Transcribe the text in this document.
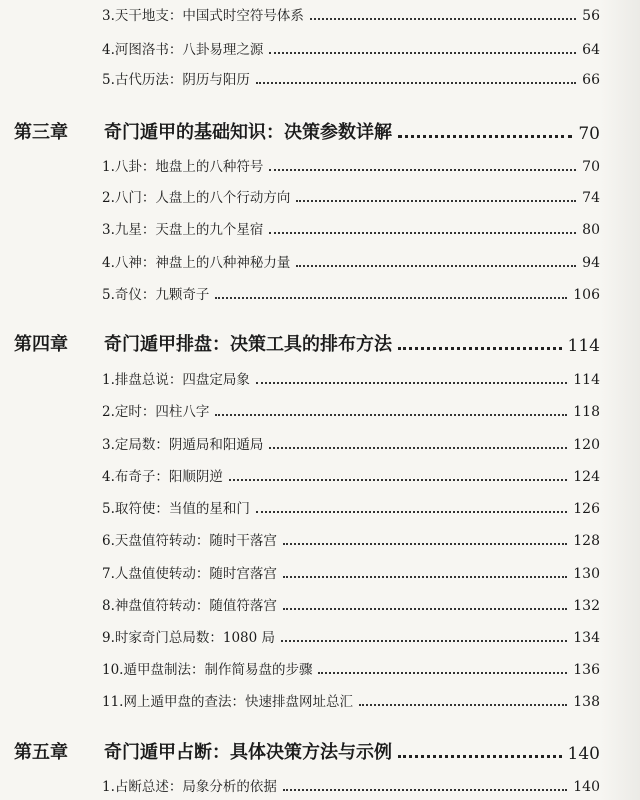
3.天干地支：中国式时空符号体系	56
4.河图洛书：八卦易理之源	64
5.古代历法：阴历与阳历	66
第三章	奇门遁甲的基础知识：决策参数详解	70
1.八卦：地盘上的八种符号	70
2.八门：人盘上的八个行动方向	74
3.九星：天盘上的九个星宿	80
4.八神：神盘上的八种神秘力量	94
5.奇仪：九颗奇子	106
第四章	奇门遁甲排盘：决策工具的排布方法	114
1.排盘总说：四盘定局象	114
2.定时：四柱八字	118
3.定局数：阴遁局和阳遁局	120
4.布奇子：阳顺阴逆	124
5.取符使：当值的星和门	126
6.天盘值符转动：随时干落宫	128
7.人盘值使转动：随时宫落宫	130
8.神盘值符转动：随值符落宫	132
9.时家奇门总局数：1080 局	134
10.遁甲盘制法：制作简易盘的步骤	136
11.网上遁甲盘的查法：快速排盘网址总汇	138
第五章	奇门遁甲占断：具体决策方法与示例	140
1.占断总述：局象分析的依据	140
